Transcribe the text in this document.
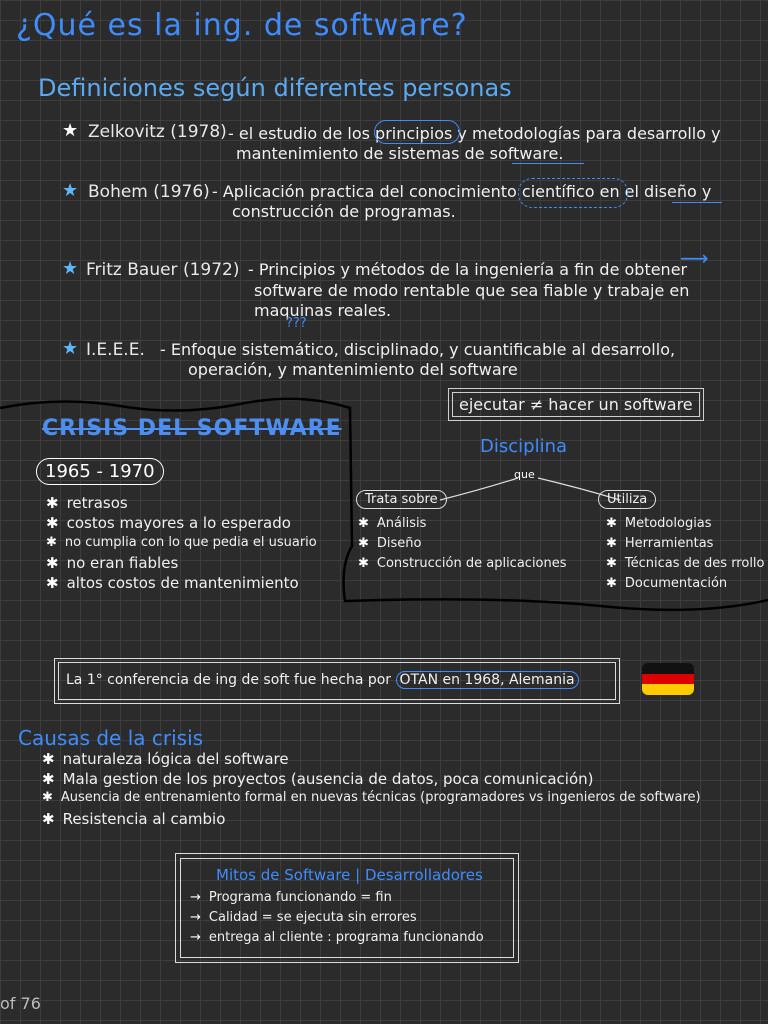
¿Qué es la ing. de software?
Definiciones según diferentes personas
★ Zelkovitz (1978) - el estudio de los principios y metodologías para desarrollo y
mantenimiento de sistemas de software.
★ Bohem (1976) - Aplicación practica del conocimiento científico en el diseño y
construcción de programas.
★ Fritz Bauer (1972) - Principios y métodos de la ingeniería a fin de obtener
software de modo rentable que sea fiable y trabaje en
maquinas reales.
???
⟶
★ I.E.E.E. - Enfoque sistemático, disciplinado, y cuantificable al desarrollo,
operación, y mantenimiento del software
ejecutar ≠ hacer un software
CRISIS DEL SOFTWARE
1965 - 1970
✱ retrasos
✱ costos mayores a lo esperado
✱ no cumplia con lo que pedia el usuario
✱ no eran fiables
✱ altos costos de mantenimiento
Disciplina
que
Trata sobre	Utiliza
✱ Análisis
✱ Diseño
✱ Construcción de aplicaciones
✱ Metodologias
✱ Herramientas
✱ Técnicas de des rrollo
✱ Documentación
La 1° conferencia de ing de soft fue hecha por OTAN en 1968, Alemania
Causas de la crisis
✱ naturaleza lógica del software
✱ Mala gestion de los proyectos (ausencia de datos, poca comunicación)
✱ Ausencia de entrenamiento formal en nuevas técnicas (programadores vs ingenieros de software)
✱ Resistencia al cambio
Mitos de Software | Desarrolladores
→ Programa funcionando = fin
→ Calidad = se ejecuta sin errores
→ entrega al cliente : programa funcionando
of 76
